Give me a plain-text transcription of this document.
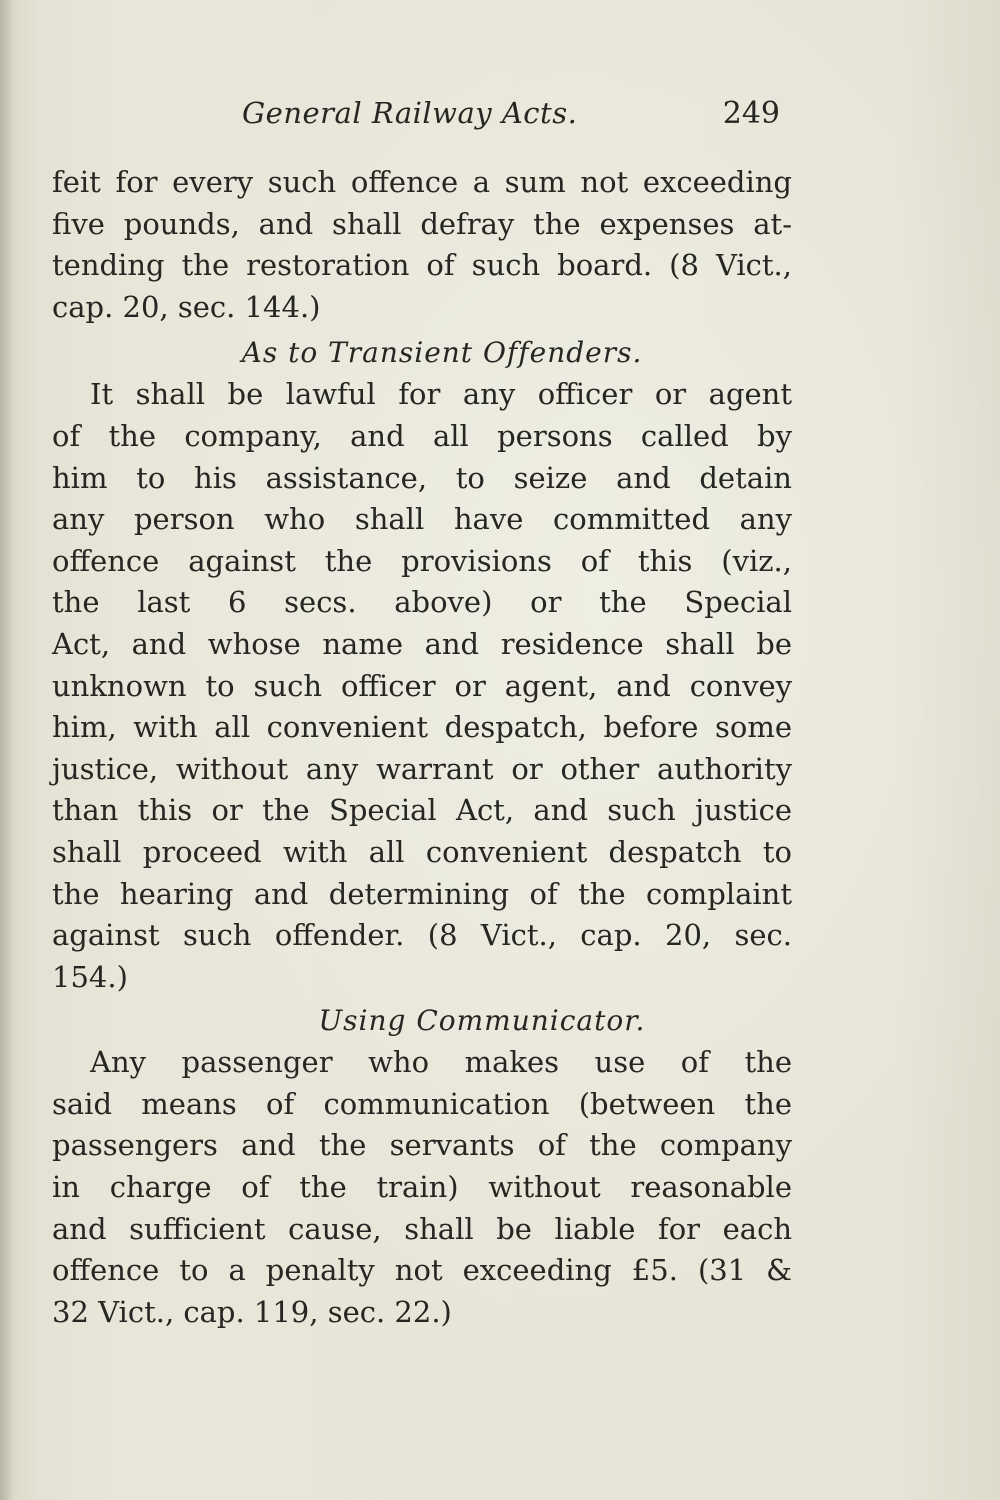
General Railway Acts.	249
feit for every such offence a sum not exceeding
five pounds, and shall defray the expenses at-
tending the restoration of such board. (8 Vict.,
cap. 20, sec. 144.)
As to Transient Offenders.
It shall be lawful for any officer or agent
of the company, and all persons called by
him to his assistance, to seize and detain
any person who shall have committed any
offence against the provisions of this (viz.,
the last 6 secs. above) or the Special
Act, and whose name and residence shall be
unknown to such officer or agent, and convey
him, with all convenient despatch, before some
justice, without any warrant or other authority
than this or the Special Act, and such justice
shall proceed with all convenient despatch to
the hearing and determining of the complaint
against such offender. (8 Vict., cap. 20, sec.
154.)
Using Communicator.
Any passenger who makes use of the
said means of communication (between the
passengers and the servants of the company
in charge of the train) without reasonable
and sufficient cause, shall be liable for each
offence to a penalty not exceeding £5. (31 &
32 Vict., cap. 119, sec. 22.)
